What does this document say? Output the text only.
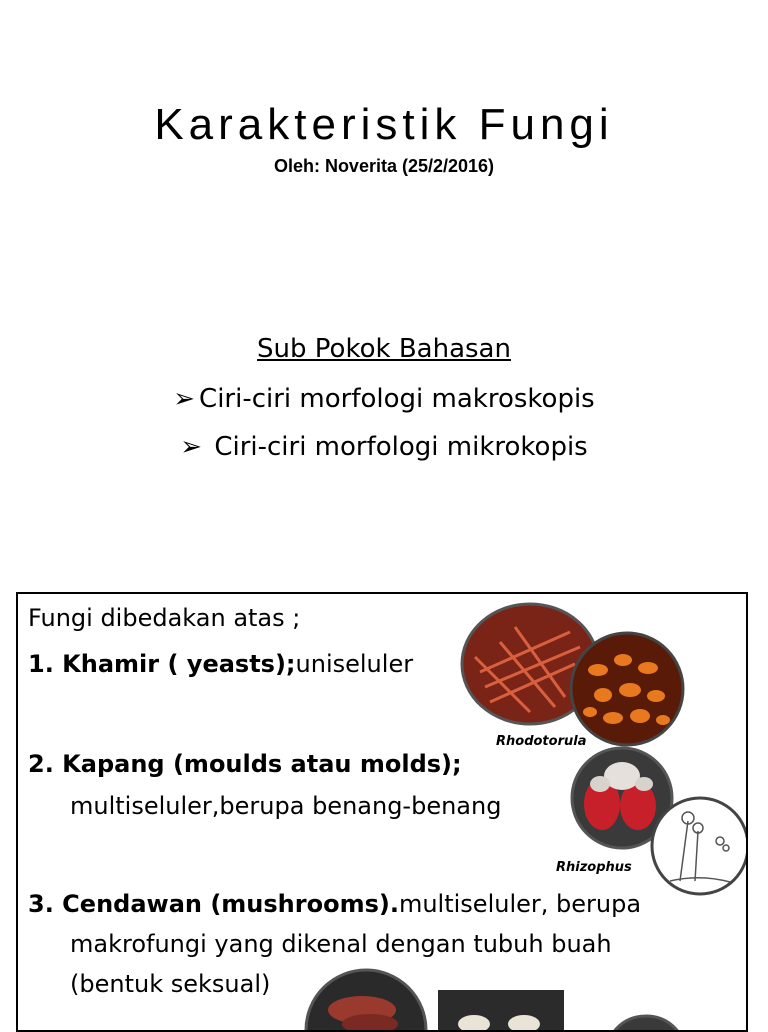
Karakteristik Fungi
Oleh: Noverita (25/2/2016)
Sub Pokok Bahasan
➢ Ciri-ciri morfologi makroskopis
➢ Ciri-ciri morfologi mikrokopis
Fungi dibedakan atas ;
1. Khamir ( yeasts);uniseluler
2. Kapang (moulds atau molds);
multiseluler,berupa benang-benang
3. Cendawan (mushrooms).multiseluler, berupa
makrofungi yang dikenal dengan tubuh buah
(bentuk seksual)
Rhodotorula
Rhizophus
